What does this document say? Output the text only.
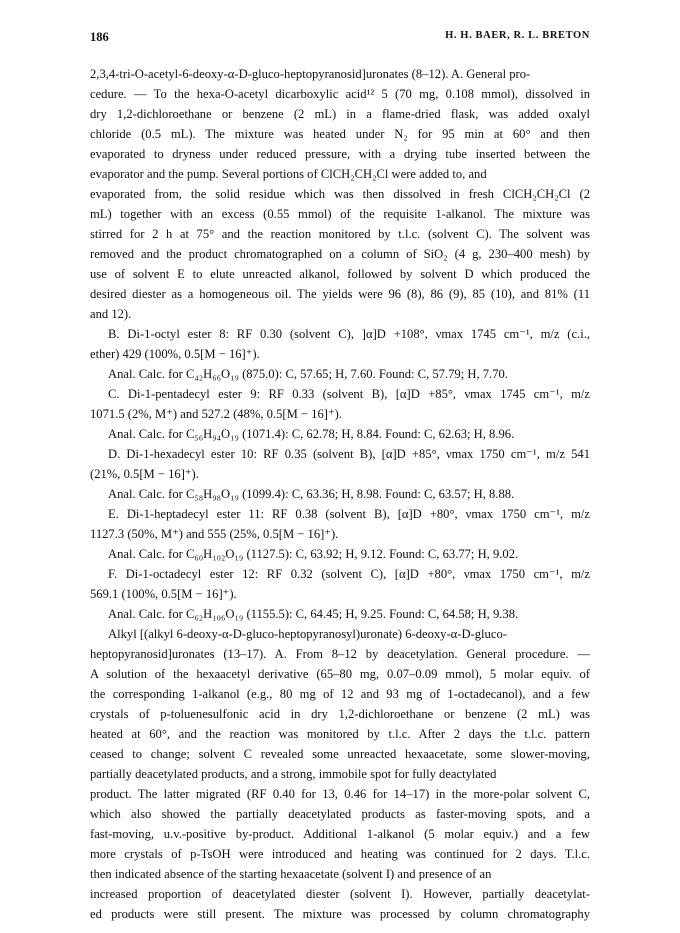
186	H. H. BAER, R. L. BRETON
2,3,4-tri-O-acetyl-6-deoxy-α-D-gluco-heptopyranosid]uronates (8–12). A. General pro-
cedure. — To the hexa-O-acetyl dicarboxylic acid¹² 5 (70 mg, 0.108 mmol), dissolved in
dry 1,2-dichloroethane or benzene (2 mL) in a flame-dried flask, was added oxalyl
chloride (0.5 mL). The mixture was heated under N₂ for 95 min at 60° and then
evaporated to dryness under reduced pressure, with a drying tube inserted between the
evaporator and the pump. Several portions of ClCH₂CH₂Cl were added to, and
evaporated from, the solid residue which was then dissolved in fresh ClCH₂CH₂Cl (2
mL) together with an excess (0.55 mmol) of the requisite 1-alkanol. The mixture was
stirred for 2 h at 75° and the reaction monitored by t.l.c. (solvent C). The solvent was
removed and the product chromatographed on a column of SiO₂ (4 g, 230–400 mesh) by
use of solvent E to elute unreacted alkanol, followed by solvent D which produced the
desired diester as a homogeneous oil. The yields were 96 (8), 86 (9), 85 (10), and 81% (11
and 12).
B. Di-1-octyl ester 8: RF 0.30 (solvent C), ]α]D +108°, νmax 1745 cm⁻¹, m/z (c.i.,
ether) 429 (100%, 0.5[M − 16]⁺).
Anal. Calc. for C₄₂H₆₆O₁₉ (875.0): C, 57.65; H, 7.60. Found: C, 57.79; H, 7.70.
C. Di-1-pentadecyl ester 9: RF 0.33 (solvent B), [α]D +85°, νmax 1745 cm⁻¹, m/z
1071.5 (2%, M⁺) and 527.2 (48%, 0.5[M − 16]⁺).
Anal. Calc. for C₅₆H₉₄O₁₉ (1071.4): C, 62.78; H, 8.84. Found: C, 62.63; H, 8.96.
D. Di-1-hexadecyl ester 10: RF 0.35 (solvent B), [α]D +85°, νmax 1750 cm⁻¹, m/z 541
(21%, 0.5[M − 16]⁺).
Anal. Calc. for C₅₈H₉₈O₁₉ (1099.4): C, 63.36; H, 8.98. Found: C, 63.57; H, 8.88.
E. Di-1-heptadecyl ester 11: RF 0.38 (solvent B), [α]D +80°, νmax 1750 cm⁻¹, m/z
1127.3 (50%, M⁺) and 555 (25%, 0.5[M − 16]⁺).
Anal. Calc. for C₆₀H₁₀₂O₁₉ (1127.5): C, 63.92; H, 9.12. Found: C, 63.77; H, 9.02.
F. Di-1-octadecyl ester 12: RF 0.32 (solvent C), [α]D +80°, νmax 1750 cm⁻¹, m/z
569.1 (100%, 0.5[M − 16]⁺).
Anal. Calc. for C₆₂H₁₀₆O₁₉ (1155.5): C, 64.45; H, 9.25. Found: C, 64.58; H, 9.38.
Alkyl [(alkyl 6-deoxy-α-D-gluco-heptopyranosyl)uronate) 6-deoxy-α-D-gluco-
heptopyranosid]uronates (13–17). A. From 8–12 by deacetylation. General procedure. —
A solution of the hexaacetyl derivative (65–80 mg, 0.07–0.09 mmol), 5 molar equiv. of
the corresponding 1-alkanol (e.g., 80 mg of 12 and 93 mg of 1-octadecanol), and a few
crystals of p-toluenesulfonic acid in dry 1,2-dichloroethane or benzene (2 mL) was
heated at 60°, and the reaction was monitored by t.l.c. After 2 days the t.l.c. pattern
ceased to change; solvent C revealed some unreacted hexaacetate, some slower-moving,
partially deacetylated products, and a strong, immobile spot for fully deactylated
product. The latter migrated (RF 0.40 for 13, 0.46 for 14–17) in the more-polar solvent C,
which also showed the partially deacetylated products as faster-moving spots, and a
fast-moving, u.v.-positive by-product. Additional 1-alkanol (5 molar equiv.) and a few
more crystals of p-TsOH were introduced and heating was continued for 2 days. T.l.c.
then indicated absence of the starting hexaacetate (solvent I) and presence of an
increased proportion of deacetylated diester (solvent I). However, partially deacetylat-
ed products were still present. The mixture was processed by column chromatography
